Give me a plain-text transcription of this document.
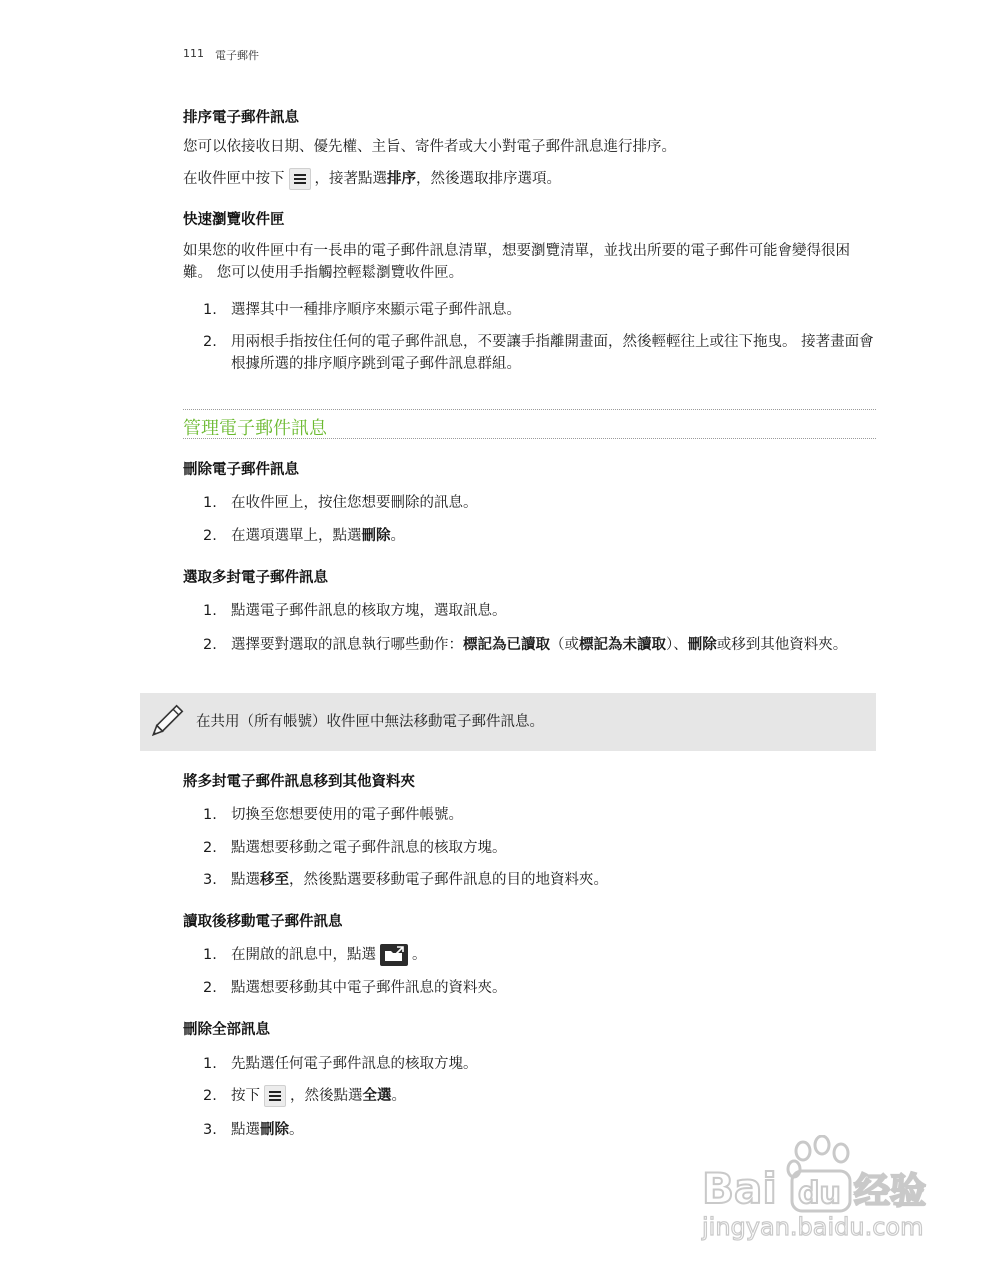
111 電子郵件
排序電子郵件訊息
您可以依接收日期、優先權、主旨、寄件者或大小對電子郵件訊息進行排序。
在收件匣中按下 ，接著點選排序，然後選取排序選項。
快速瀏覽收件匣
如果您的收件匣中有一長串的電子郵件訊息清單，想要瀏覽清單，並找出所要的電子郵件可能會變得很困難。 您可以使用手指觸控輕鬆瀏覽收件匣。
1. 選擇其中一種排序順序來顯示電子郵件訊息。
2. 用兩根手指按住任何的電子郵件訊息，不要讓手指離開畫面，然後輕輕往上或往下拖曳。 接著畫面會根據所選的排序順序跳到電子郵件訊息群組。
管理電子郵件訊息
刪除電子郵件訊息
1. 在收件匣上，按住您想要刪除的訊息。
2. 在選項選單上，點選刪除。
選取多封電子郵件訊息
1. 點選電子郵件訊息的核取方塊，選取訊息。
2. 選擇要對選取的訊息執行哪些動作：標記為已讀取（或標記為未讀取）、刪除或移到其他資料夾。
在共用（所有帳號）收件匣中無法移動電子郵件訊息。
將多封電子郵件訊息移到其他資料夾
1. 切換至您想要使用的電子郵件帳號。
2. 點選想要移動之電子郵件訊息的核取方塊。
3. 點選移至，然後點選要移動電子郵件訊息的目的地資料夾。
讀取後移動電子郵件訊息
1. 在開啟的訊息中，點選 。
2. 點選想要移動其中電子郵件訊息的資料夾。
刪除全部訊息
1. 先點選任何電子郵件訊息的核取方塊。
2. 按下 ，然後點選全選。
3. 點選刪除。
Bai du 经验
jingyan.baidu.com
